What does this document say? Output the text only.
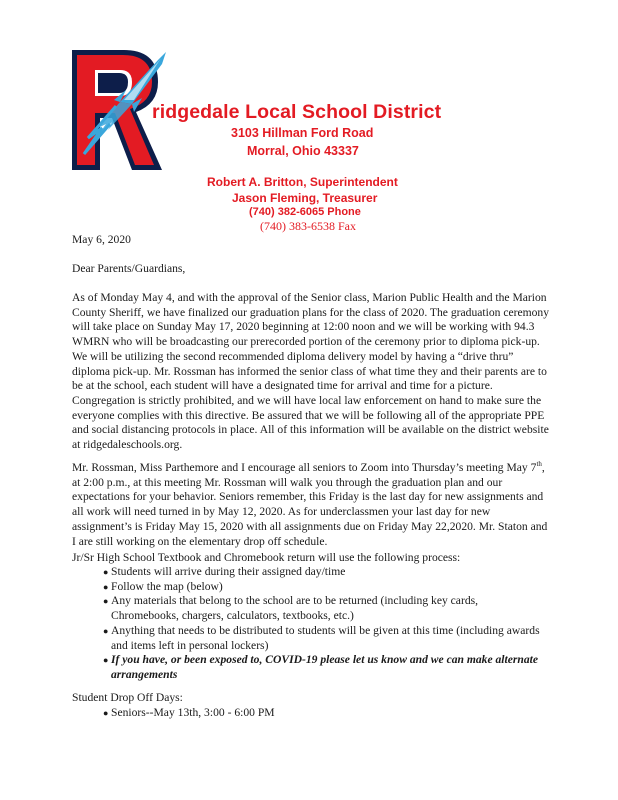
ridgedale Local School District
3103 Hillman Ford Road
Morral, Ohio 43337
Robert A. Britton, Superintendent
Jason Fleming, Treasurer
(740) 382-6065 Phone
(740) 383-6538 Fax

May 6, 2020

Dear Parents/Guardians,

As of Monday May 4, and with the approval of the Senior class, Marion Public Health and the Marion County Sheriff, we have finalized our graduation plans for the class of 2020. The graduation ceremony will take place on Sunday May 17, 2020 beginning at 12:00 noon and we will be working with 94.3 WMRN who will be broadcasting our prerecorded portion of the ceremony prior to diploma pick-up. We will be utilizing the second recommended diploma delivery model by having a “drive thru” diploma pick-up. Mr. Rossman has informed the senior class of what time they and their parents are to be at the school, each student will have a designated time for arrival and time for a picture. Congregation is strictly prohibited, and we will have local law enforcement on hand to make sure the everyone complies with this directive. Be assured that we will be following all of the appropriate PPE and social distancing protocols in place. All of this information will be available on the district website at ridgedaleschools.org.

Mr. Rossman, Miss Parthemore and I encourage all seniors to Zoom into Thursday’s meeting May 7th, at 2:00 p.m., at this meeting Mr. Rossman will walk you through the graduation plan and our expectations for your behavior. Seniors remember, this Friday is the last day for new assignments and all work will need turned in by May 12, 2020. As for underclassmen your last day for new assignment’s is Friday May 15, 2020 with all assignments due on Friday May 22,2020. Mr. Staton and I are still working on the elementary drop off schedule.

Jr/Sr High School Textbook and Chromebook return will use the following process:

● Students will arrive during their assigned day/time
● Follow the map (below)
● Any materials that belong to the school are to be returned (including key cards, Chromebooks, chargers, calculators, textbooks, etc.)
● Anything that needs to be distributed to students will be given at this time (including awards and items left in personal lockers)
● If you have, or been exposed to, COVID-19 please let us know and we can make alternate arrangements

Student Drop Off Days:

● Seniors--May 13th, 3:00 - 6:00 PM
